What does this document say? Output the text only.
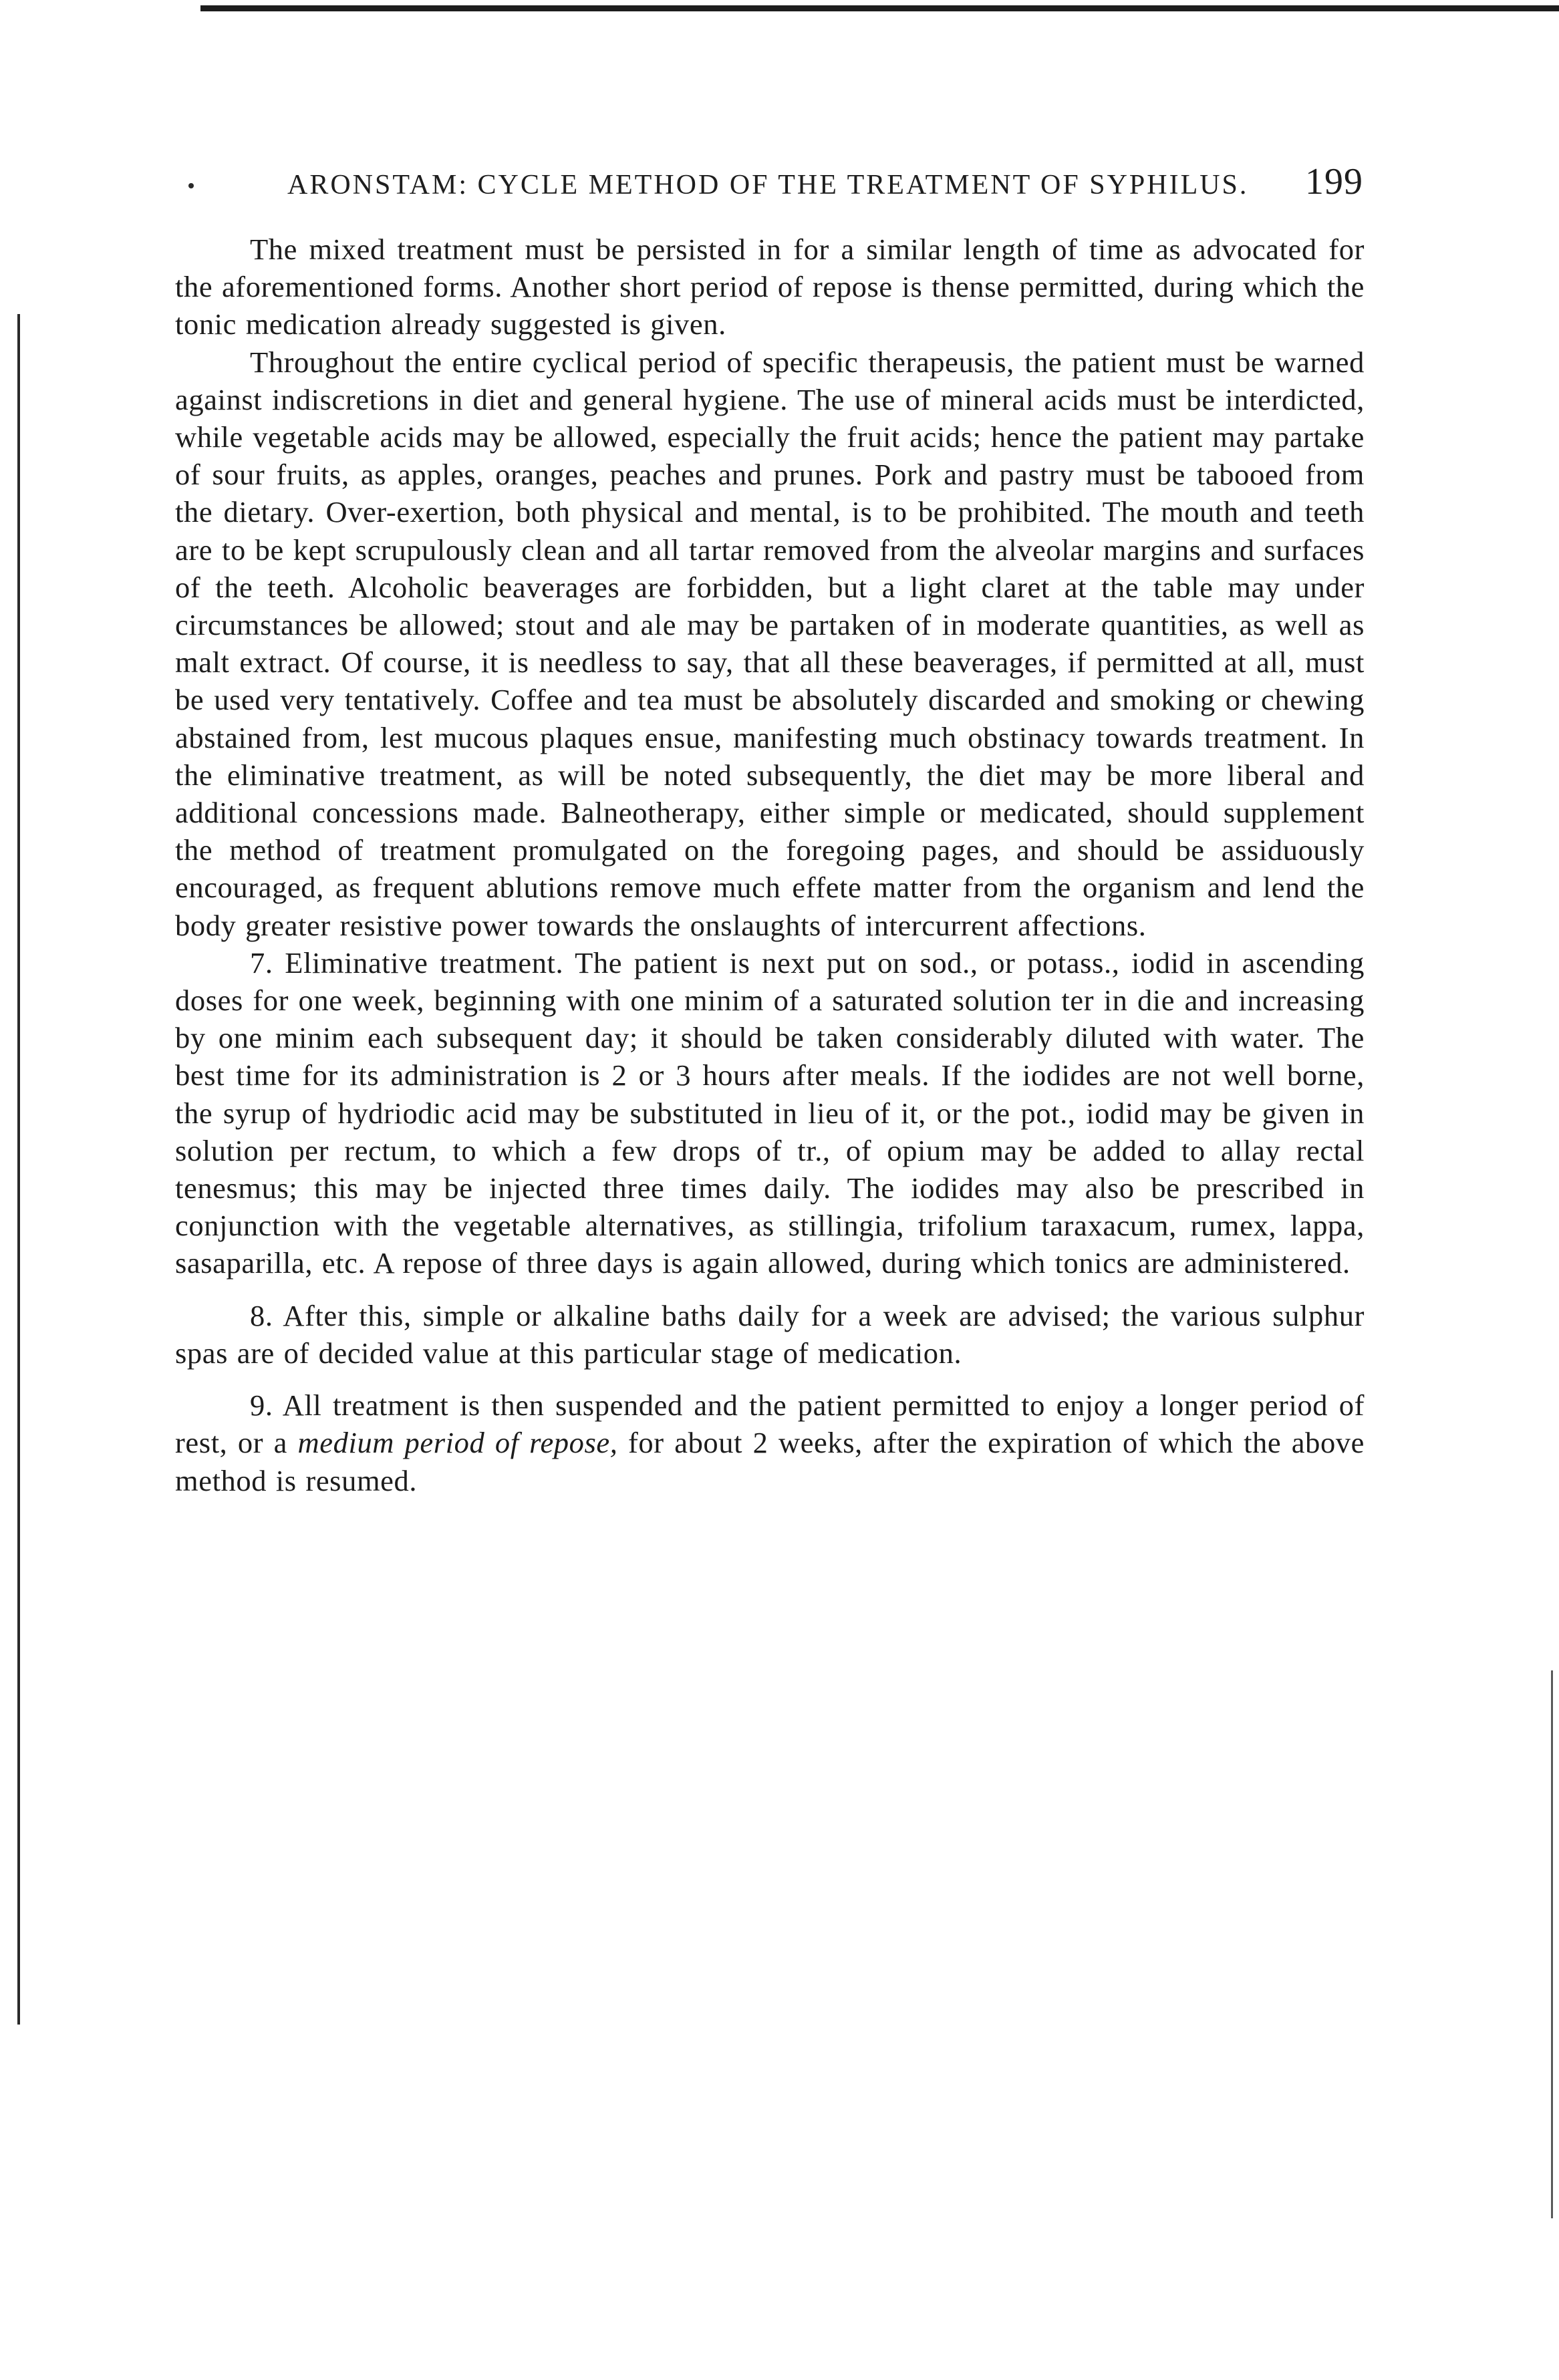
ARONSTAM: CYCLE METHOD OF THE TREATMENT OF SYPHILUS. 199

The mixed treatment must be persisted in for a similar length of time as advocated for the aforementioned forms. Another short period of repose is thense permitted, during which the tonic medication already suggested is given.

Throughout the entire cyclical period of specific therapeusis, the patient must be warned against indiscretions in diet and general hygiene. The use of mineral acids must be interdicted, while vegetable acids may be allowed, especially the fruit acids; hence the patient may partake of sour fruits, as apples, oranges, peaches and prunes. Pork and pastry must be tabooed from the dietary. Over-exertion, both physical and mental, is to be prohibited. The mouth and teeth are to be kept scrupulously clean and all tartar removed from the alveolar margins and surfaces of the teeth. Alcoholic beaverages are forbidden, but a light claret at the table may under circumstances be allowed; stout and ale may be partaken of in moderate quantities, as well as malt extract. Of course, it is needless to say, that all these beaverages, if permitted at all, must be used very tentatively. Coffee and tea must be absolutely discarded and smoking or chewing abstained from, lest mucous plaques ensue, manifesting much obstinacy towards treatment. In the eliminative treatment, as will be noted subsequently, the diet may be more liberal and additional concessions made. Balneotherapy, either simple or medicated, should supplement the method of treatment promulgated on the foregoing pages, and should be assiduously encouraged, as frequent ablutions remove much effete matter from the organism and lend the body greater resistive power towards the onslaughts of intercurrent affections.

7. Eliminative treatment. The patient is next put on sod., or potass., iodid in ascending doses for one week, beginning with one minim of a saturated solution ter in die and increasing by one minim each subsequent day; it should be taken considerably diluted with water. The best time for its administration is 2 or 3 hours after meals. If the iodides are not well borne, the syrup of hydriodic acid may be substituted in lieu of it, or the pot., iodid may be given in solution per rectum, to which a few drops of tr., of opium may be added to allay rectal tenesmus; this may be injected three times daily. The iodides may also be prescribed in conjunction with the vegetable alternatives, as stillingia, trifolium taraxacum, rumex, lappa, sasaparilla, etc. A repose of three days is again allowed, during which tonics are administered.

8. After this, simple or alkaline baths daily for a week are advised; the various sulphur spas are of decided value at this particular stage of medication.

9. All treatment is then suspended and the patient permitted to enjoy a longer period of rest, or a medium period of repose, for about 2 weeks, after the expiration of which the above method is resumed.
